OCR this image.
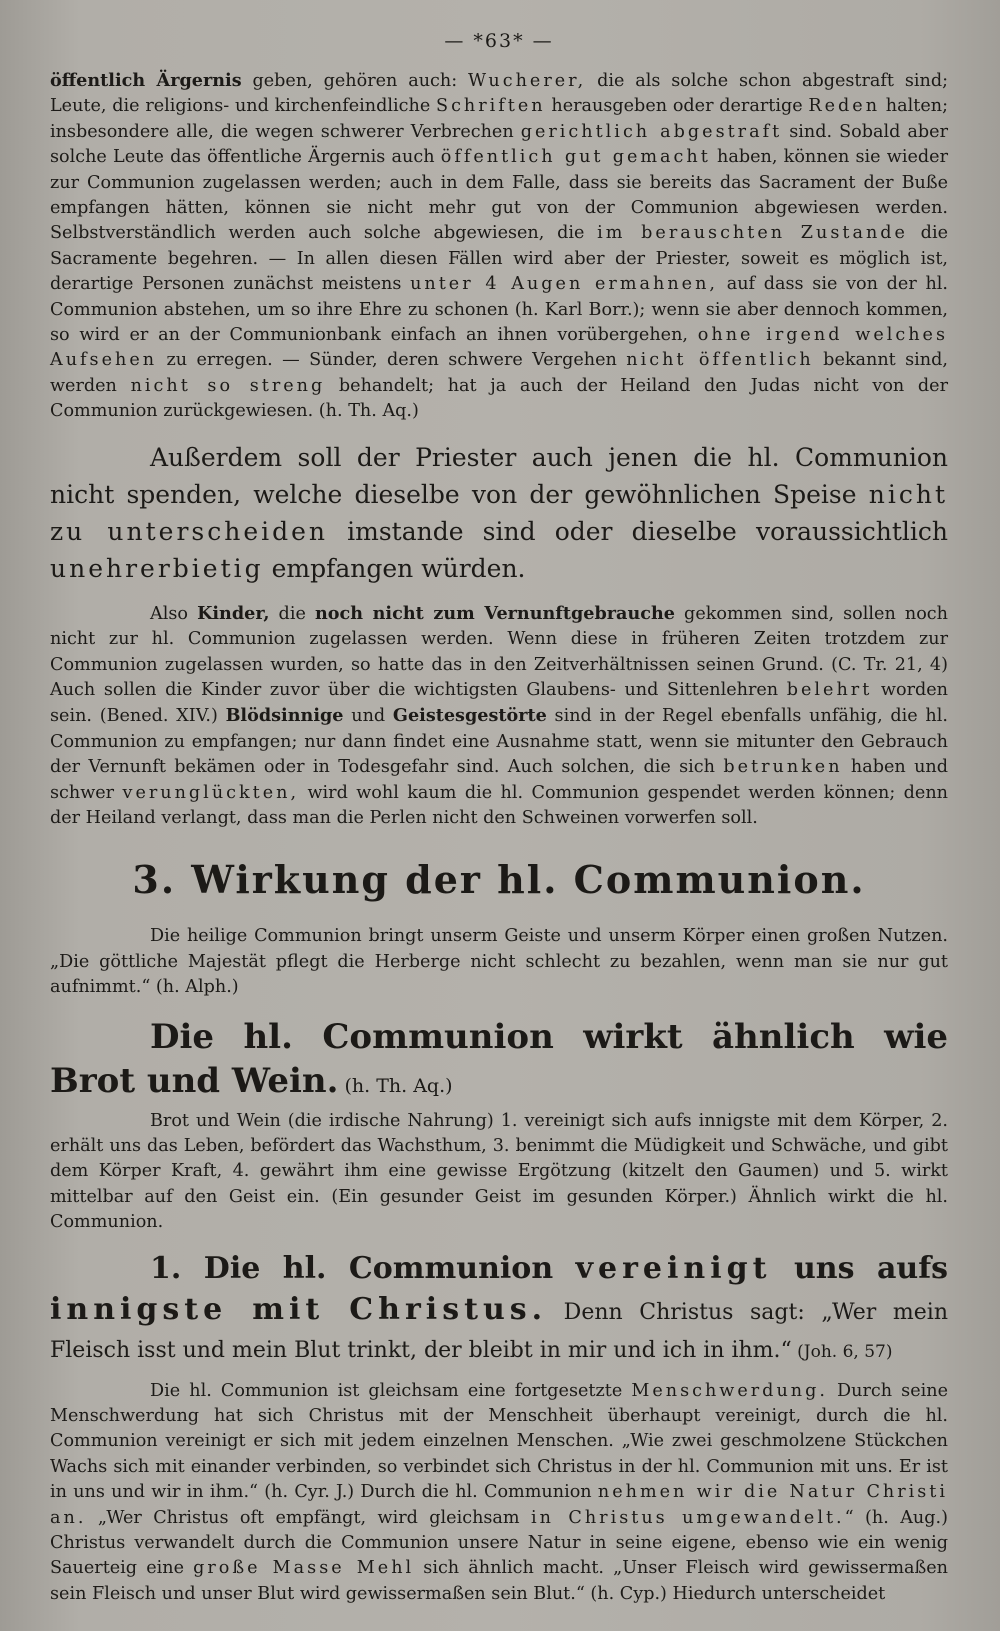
— *63* —

öffentlich Ärgernis geben, gehören auch: Wucherer, die als solche schon abgestraft sind; Leute, die religions- und kirchenfeindliche Schriften herausgeben oder derartige Reden halten; insbesondere alle, die wegen schwerer Verbrechen gerichtlich abgestraft sind. Sobald aber solche Leute das öffentliche Ärgernis auch öffentlich gut gemacht haben, können sie wieder zur Communion zugelassen werden; auch in dem Falle, dass sie bereits das Sacrament der Buße empfangen hätten, können sie nicht mehr gut von der Communion abgewiesen werden. Selbstverständlich werden auch solche abgewiesen, die im berauschten Zustande die Sacramente begehren. — In allen diesen Fällen wird aber der Priester, soweit es möglich ist, derartige Personen zunächst meistens unter 4 Augen ermahnen, auf dass sie von der hl. Communion abstehen, um so ihre Ehre zu schonen (h. Karl Borr.); wenn sie aber dennoch kommen, so wird er an der Communionbank einfach an ihnen vorübergehen, ohne irgend welches Aufsehen zu erregen. — Sünder, deren schwere Vergehen nicht öffentlich bekannt sind, werden nicht so streng behandelt; hat ja auch der Heiland den Judas nicht von der Communion zurückgewiesen. (h. Th. Aq.)

Außerdem soll der Priester auch jenen die hl. Communion nicht spenden, welche dieselbe von der gewöhnlichen Speise nicht zu unterscheiden imstande sind oder dieselbe voraussichtlich unehrerbietig empfangen würden.

Also Kinder, die noch nicht zum Vernunftgebrauche gekommen sind, sollen noch nicht zur hl. Communion zugelassen werden. Wenn diese in früheren Zeiten trotzdem zur Communion zugelassen wurden, so hatte das in den Zeitverhältnissen seinen Grund. (C. Tr. 21, 4) Auch sollen die Kinder zuvor über die wichtigsten Glaubens- und Sittenlehren belehrt worden sein. (Bened. XIV.) Blödsinnige und Geistesgestörte sind in der Regel ebenfalls unfähig, die hl. Communion zu empfangen; nur dann findet eine Ausnahme statt, wenn sie mitunter den Gebrauch der Vernunft bekämen oder in Todesgefahr sind. Auch solchen, die sich betrunken haben und schwer verunglückten, wird wohl kaum die hl. Communion gespendet werden können; denn der Heiland verlangt, dass man die Perlen nicht den Schweinen vorwerfen soll.

3. Wirkung der hl. Communion.

Die heilige Communion bringt unserm Geiste und unserm Körper einen großen Nutzen. „Die göttliche Majestät pflegt die Herberge nicht schlecht zu bezahlen, wenn man sie nur gut aufnimmt.“ (h. Alph.)

Die hl. Communion wirkt ähnlich wie Brot und Wein. (h. Th. Aq.)

Brot und Wein (die irdische Nahrung) 1. vereinigt sich aufs innigste mit dem Körper, 2. erhält uns das Leben, befördert das Wachsthum, 3. benimmt die Müdigkeit und Schwäche, und gibt dem Körper Kraft, 4. gewährt ihm eine gewisse Ergötzung (kitzelt den Gaumen) und 5. wirkt mittelbar auf den Geist ein. (Ein gesunder Geist im gesunden Körper.) Ähnlich wirkt die hl. Communion.

1. Die hl. Communion vereinigt uns aufs innigste mit Christus. Denn Christus sagt: „Wer mein Fleisch isst und mein Blut trinkt, der bleibt in mir und ich in ihm.“ (Joh. 6, 57)

Die hl. Communion ist gleichsam eine fortgesetzte Menschwerdung. Durch seine Menschwerdung hat sich Christus mit der Menschheit überhaupt vereinigt, durch die hl. Communion vereinigt er sich mit jedem einzelnen Menschen. „Wie zwei geschmolzene Stückchen Wachs sich mit einander verbinden, so verbindet sich Christus in der hl. Communion mit uns. Er ist in uns und wir in ihm.“ (h. Cyr. J.) Durch die hl. Communion nehmen wir die Natur Christi an. „Wer Christus oft empfängt, wird gleichsam in Christus umgewandelt.“ (h. Aug.) Christus verwandelt durch die Communion unsere Natur in seine eigene, ebenso wie ein wenig Sauerteig eine große Masse Mehl sich ähnlich macht. „Unser Fleisch wird gewissermaßen sein Fleisch und unser Blut wird gewissermaßen sein Blut.“ (h. Cyp.) Hiedurch unterscheidet
